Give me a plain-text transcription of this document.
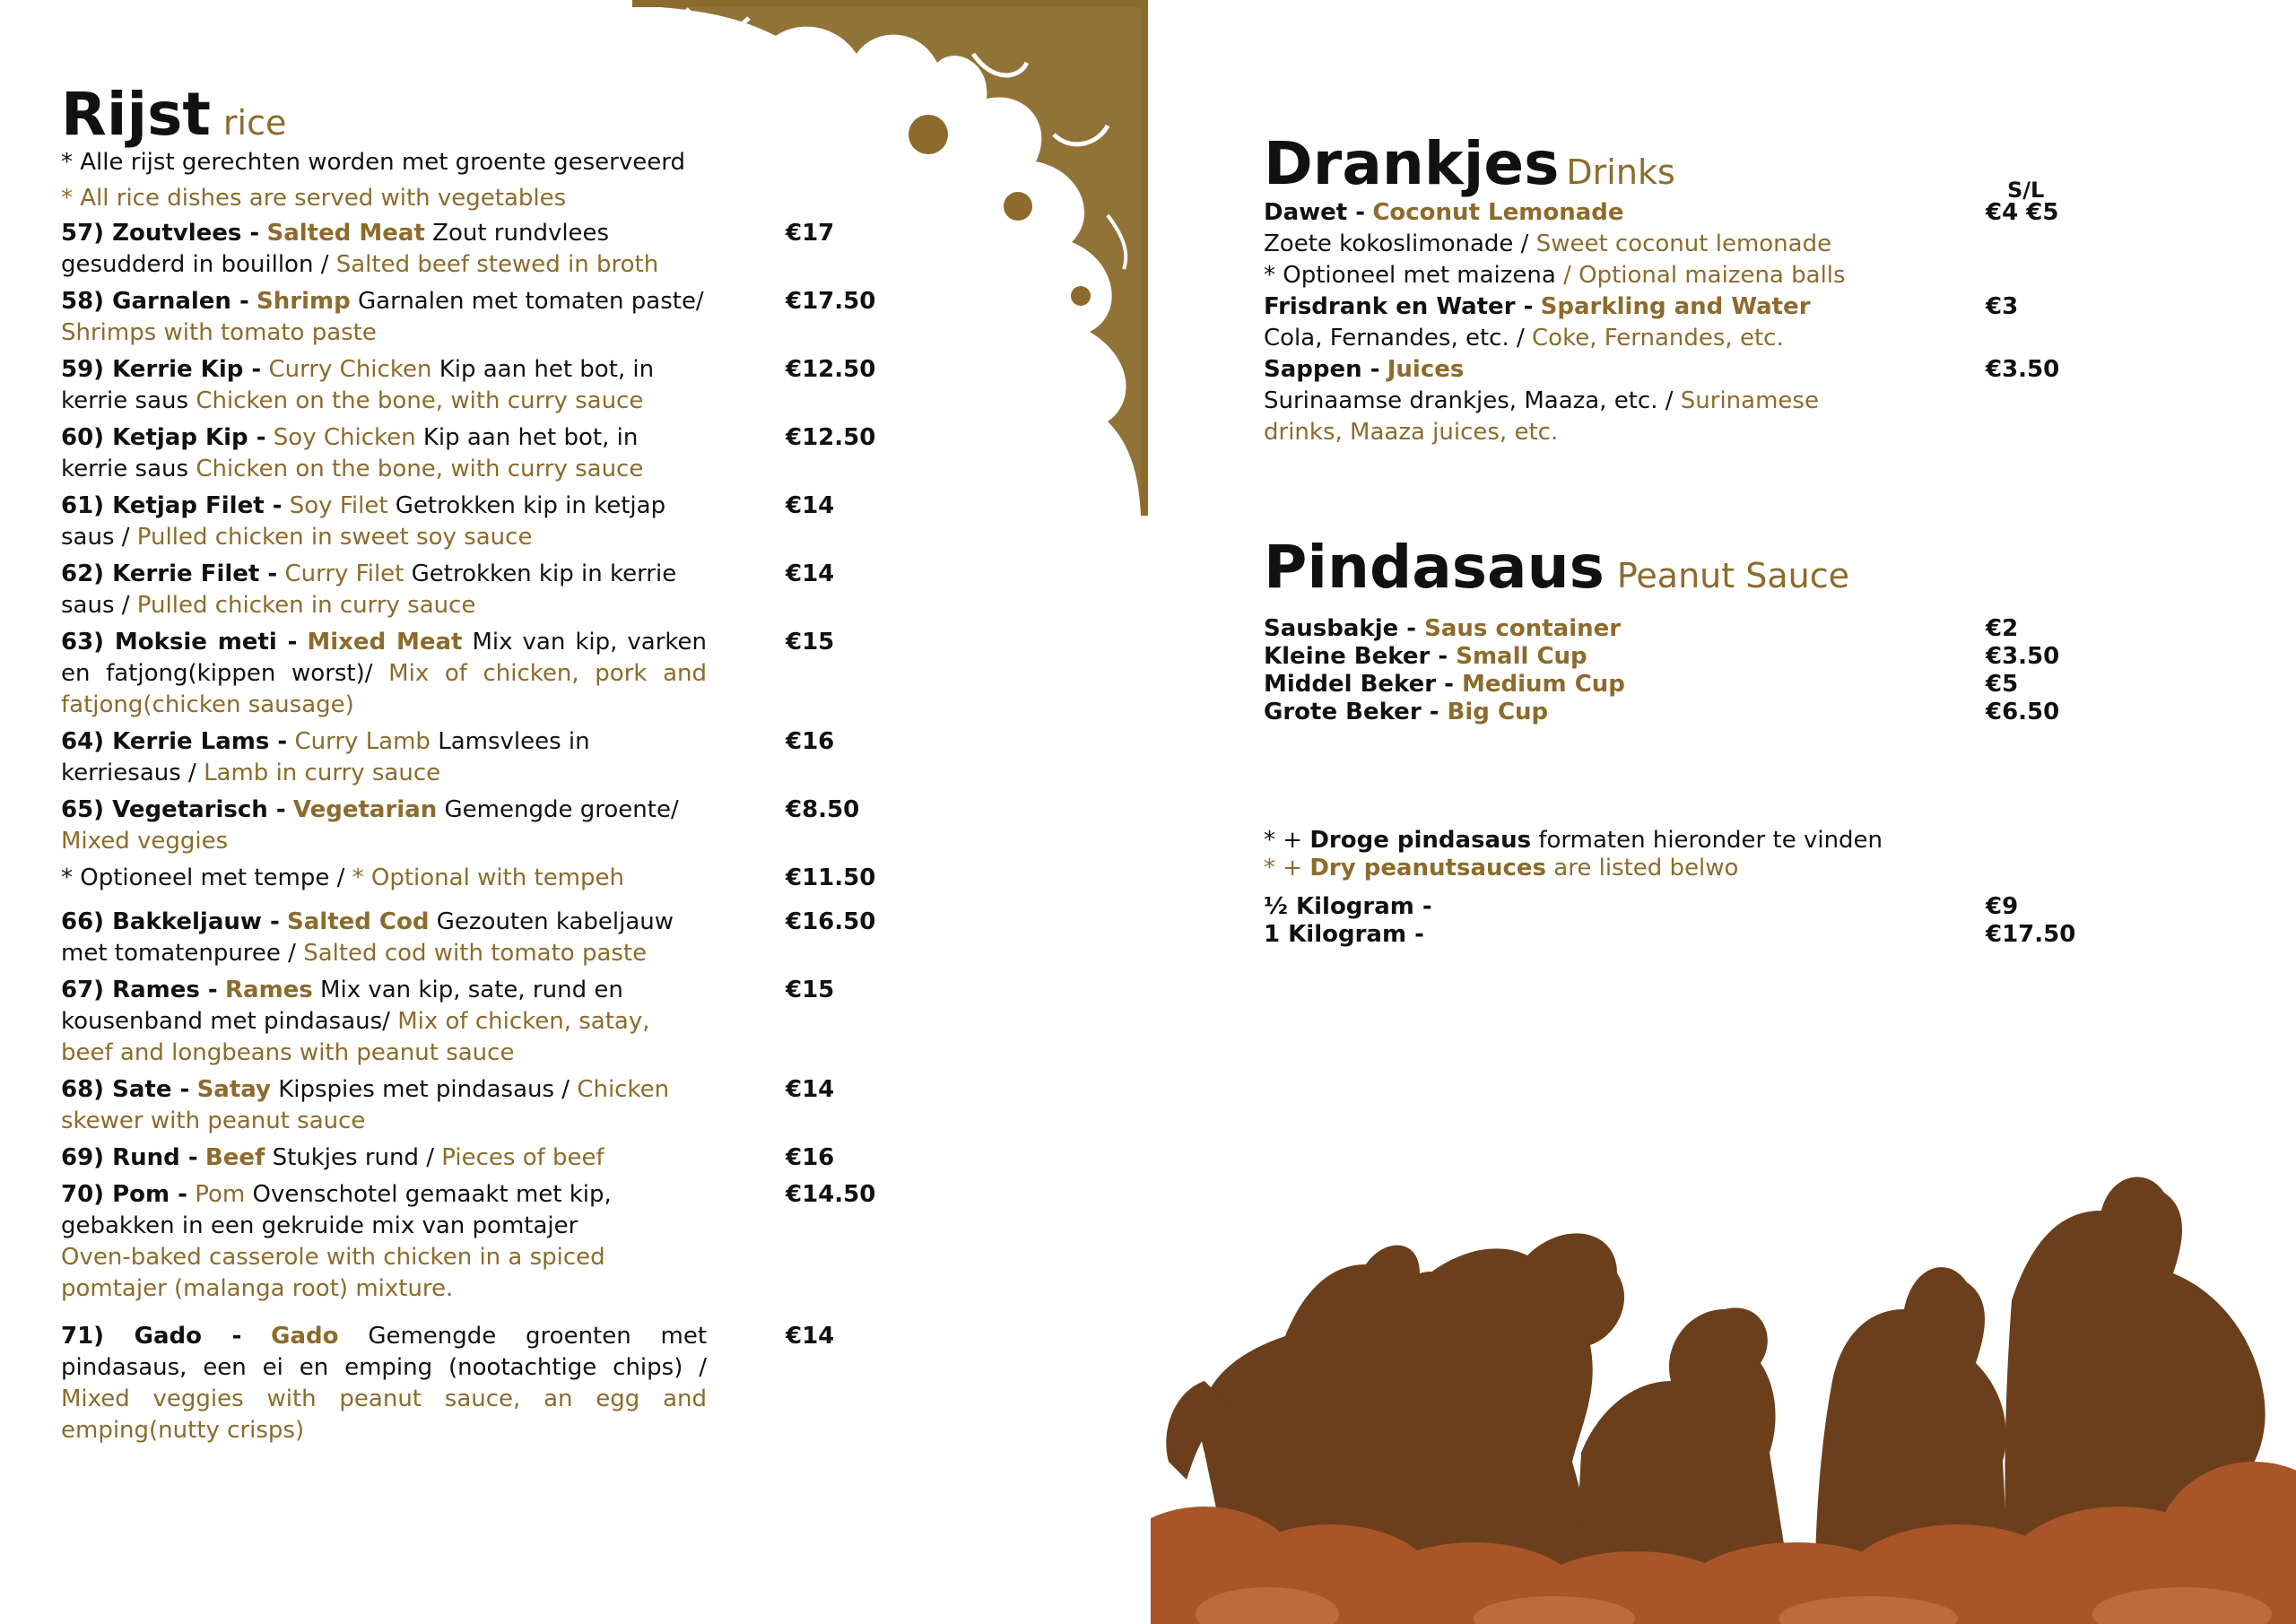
Rijst rice
* Alle rijst gerechten worden met groente geserveerd
* All rice dishes are served with vegetables

57) Zoutvlees - Salted Meat Zout rundvlees gesudderd in bouillon / Salted beef stewed in broth

€17

58) Garnalen - Shrimp Garnalen met tomaten paste/ Shrimps with tomato paste

€17.50

59) Kerrie Kip - Curry Chicken Kip aan het bot, in kerrie saus Chicken on the bone, with curry sauce

€12.50

60) Ketjap Kip - Soy Chicken Kip aan het bot, in kerrie saus Chicken on the bone, with curry sauce

€12.50

61) Ketjap Filet - Soy Filet Getrokken kip in ketjap saus / Pulled chicken in sweet soy sauce

€14

62) Kerrie Filet - Curry Filet Getrokken kip in kerrie saus / Pulled chicken in curry sauce

€14

63) Moksie meti - Mixed Meat Mix van kip, varken en fatjong(kippen worst)/ Mix of chicken, pork and fatjong(chicken sausage)

€15

64) Kerrie Lams - Curry Lamb Lamsvlees in kerriesaus / Lamb in curry sauce

€16

65) Vegetarisch - Vegetarian Gemengde groente/ Mixed veggies

€8.50

* Optioneel met tempe / * Optional with tempeh	€11.50

66) Bakkeljauw - Salted Cod Gezouten kabeljauw met tomatenpuree / Salted cod with tomato paste

€16.50

67) Rames - Rames Mix van kip, sate, rund en kousenband met pindasaus/ Mix of chicken, satay, beef and longbeans with peanut sauce

€15

68) Sate - Satay Kipspies met pindasaus / Chicken skewer with peanut sauce

€14

69) Rund - Beef Stukjes rund / Pieces of beef	€16

70) Pom - Pom Ovenschotel gemaakt met kip, gebakken in een gekruide mix van pomtajer
Oven-baked casserole with chicken in a spiced pomtajer (malanga root) mixture.

€14.50

71) Gado - Gado Gemengde groenten met pindasaus, een ei en emping (nootachtige chips) / Mixed veggies with peanut sauce, an egg and emping(nutty crisps)

€14
S/L
Drankjes Drinks

Dawet - Coconut Lemonade	€4 €5

Zoete kokoslimonade / Sweet coconut lemonade

* Optioneel met maizena / Optional maizena balls

Frisdrank en Water - Sparkling and Water	€3

Cola, Fernandes, etc. / Coke, Fernandes, etc.

Sappen - Juices	€3.50

Surinaamse drankjes, Maaza, etc. / Surinamese drinks, Maaza juices, etc.

Pindasaus Peanut Sauce
Sausbakje - Saus container	€2
Kleine Beker - Small Cup	€3.50
Middel Beker - Medium Cup	€5
Grote Beker - Big Cup	€6.50
* + Droge pindasaus formaten hieronder te vinden
* + Dry peanutsauces are listed belwo
½ Kilogram -	€9
1 Kilogram -	€17.50
